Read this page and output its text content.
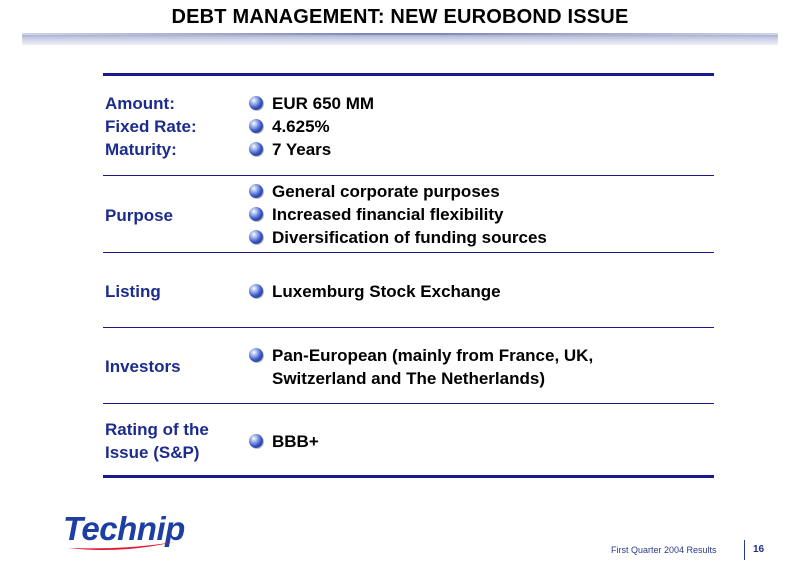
DEBT MANAGEMENT: NEW EUROBOND ISSUE
Amount:
Fixed Rate:
Maturity:
EUR 650 MM
4.625%
7 Years
Purpose
General corporate purposes
Increased financial flexibility
Diversification of funding sources
Listing	Luxemburg Stock Exchange
Investors
Pan-European (mainly from France, UK,
Switzerland and The Netherlands)
Rating of the
Issue (S&P)
BBB+
Technip
First Quarter 2004 Results	16
